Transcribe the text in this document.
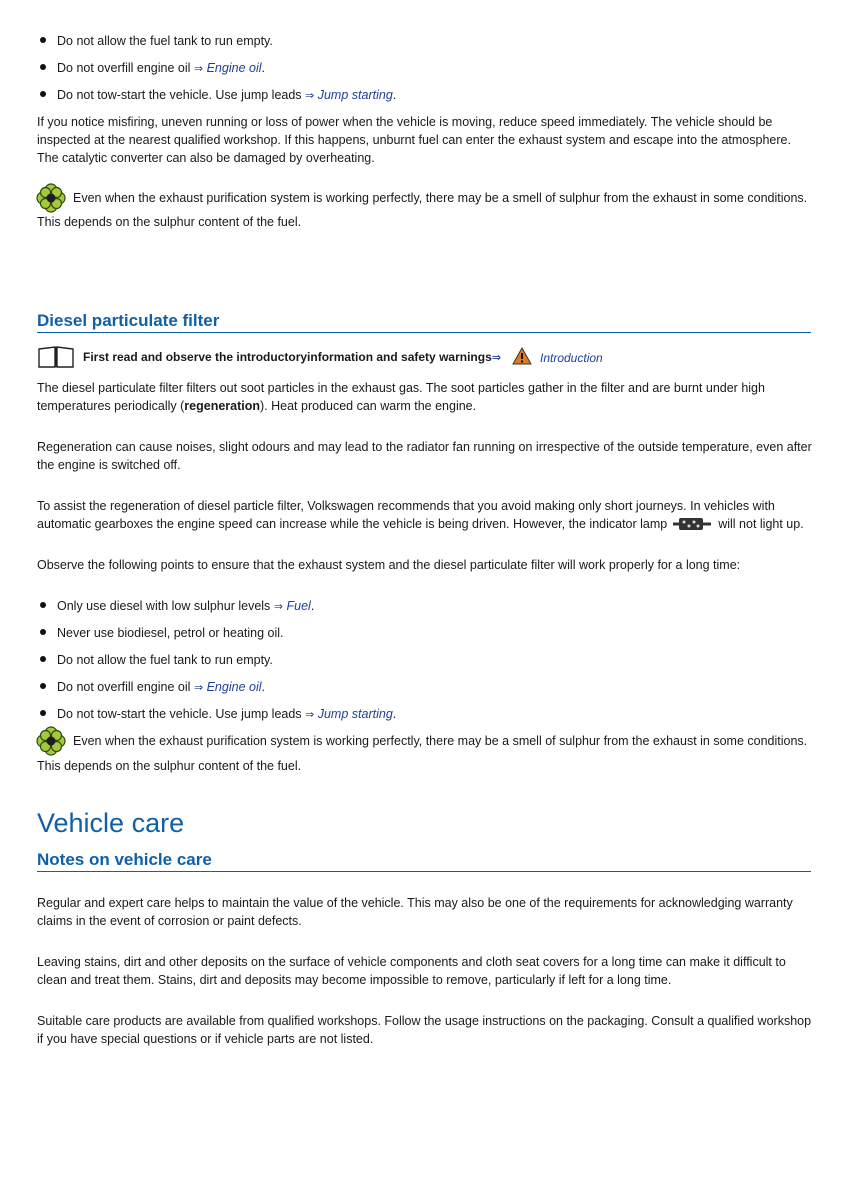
Do not allow the fuel tank to run empty.
Do not overfill engine oil ⇒ Engine oil.
Do not tow-start the vehicle. Use jump leads ⇒ Jump starting.

If you notice misfiring, uneven running or loss of power when the vehicle is moving, reduce speed immediately. The vehicle should be inspected at the nearest qualified workshop. If this happens, unburnt fuel can enter the exhaust system and escape into the atmosphere. The catalytic converter can also be damaged by overheating.

Even when the exhaust purification system is working perfectly, there may be a smell of sulphur from the exhaust in some conditions.
This depends on the sulphur content of the fuel.
Diesel particulate filter
First read and observe the introductoryinformation and safety warnings⇒	Introduction

The diesel particulate filter filters out soot particles in the exhaust gas. The soot particles gather in the filter and are burnt under high temperatures periodically (regeneration). Heat produced can warm the engine.

Regeneration can cause noises, slight odours and may lead to the radiator fan running on irrespective of the outside temperature, even after the engine is switched off.

To assist the regeneration of diesel particle filter, Volkswagen recommends that you avoid making only short journeys. In vehicles with
automatic gearboxes the engine speed can increase while the vehicle is being driven. However, the indicator lamp	will not light up.

Observe the following points to ensure that the exhaust system and the diesel particulate filter will work properly for a long time:

Only use diesel with low sulphur levels ⇒ Fuel.
Never use biodiesel, petrol or heating oil.
Do not allow the fuel tank to run empty.
Do not overfill engine oil ⇒ Engine oil.
Do not tow-start the vehicle. Use jump leads ⇒ Jump starting.
Even when the exhaust purification system is working perfectly, there may be a smell of sulphur from the exhaust in some conditions.
This depends on the sulphur content of the fuel.
Vehicle care
Notes on vehicle care

Regular and expert care helps to maintain the value of the vehicle. This may also be one of the requirements for acknowledging warranty claims in the event of corrosion or paint defects.

Leaving stains, dirt and other deposits on the surface of vehicle components and cloth seat covers for a long time can make it difficult to clean and treat them. Stains, dirt and deposits may become impossible to remove, particularly if left for a long time.

Suitable care products are available from qualified workshops. Follow the usage instructions on the packaging. Consult a qualified workshop if you have special questions or if vehicle parts are not listed.
